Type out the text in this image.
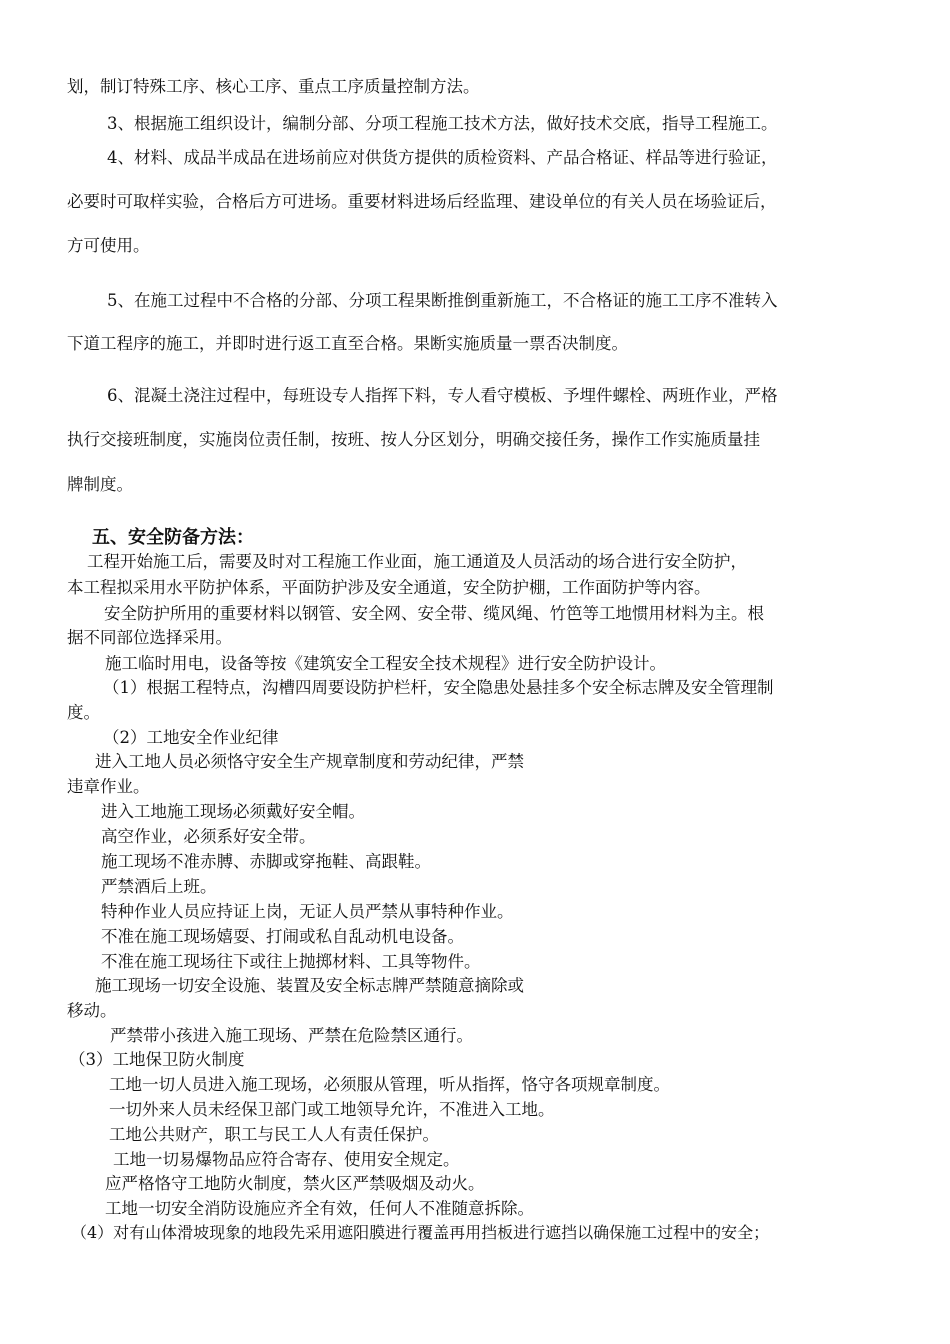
划，制订特殊工序、核心工序、重点工序质量控制方法。

3、根据施工组织设计，编制分部、分项工程施工技术方法，做好技术交底，指导工程施工。

4、材料、成品半成品在进场前应对供货方提供的质检资料、产品合格证、样品等进行验证，

必要时可取样实验，合格后方可进场。重要材料进场后经监理、建设单位的有关人员在场验证后，

方可使用。

5、在施工过程中不合格的分部、分项工程果断推倒重新施工，不合格证的施工工序不准转入

下道工程序的施工，并即时进行返工直至合格。果断实施质量一票否决制度。

6、混凝土浇注过程中，每班设专人指挥下料，专人看守模板、予埋件螺栓、两班作业，严格

执行交接班制度，实施岗位责任制，按班、按人分区划分，明确交接任务，操作工作实施质量挂

牌制度。

五、安全防备方法：

工程开始施工后，需要及时对工程施工作业面，施工通道及人员活动的场合进行安全防护，

本工程拟采用水平防护体系，平面防护涉及安全通道，安全防护棚，工作面防护等内容。

安全防护所用的重要材料以钢管、安全网、安全带、缆风绳、竹笆等工地惯用材料为主。根

据不同部位选择采用。

施工临时用电，设备等按《建筑安全工程安全技术规程》进行安全防护设计。

（1）根据工程特点，沟槽四周要设防护栏杆，安全隐患处悬挂多个安全标志牌及安全管理制

度。

（2）工地安全作业纪律

进入工地人员必须恪守安全生产规章制度和劳动纪律，严禁

违章作业。

进入工地施工现场必须戴好安全帽。

高空作业，必须系好安全带。

施工现场不准赤膊、赤脚或穿拖鞋、高跟鞋。

严禁酒后上班。

特种作业人员应持证上岗，无证人员严禁从事特种作业。

不准在施工现场嬉耍、打闹或私自乱动机电设备。

不准在施工现场往下或往上抛掷材料、工具等物件。

施工现场一切安全设施、装置及安全标志牌严禁随意摘除或

移动。

严禁带小孩进入施工现场、严禁在危险禁区通行。

（3）工地保卫防火制度

工地一切人员进入施工现场，必须服从管理，听从指挥，恪守各项规章制度。

一切外来人员未经保卫部门或工地领导允许，不准进入工地。

工地公共财产，职工与民工人人有责任保护。

工地一切易爆物品应符合寄存、使用安全规定。

应严格恪守工地防火制度，禁火区严禁吸烟及动火。

工地一切安全消防设施应齐全有效，任何人不准随意拆除。

（4）对有山体滑坡现象的地段先采用遮阳膜进行覆盖再用挡板进行遮挡以确保施工过程中的安全；
